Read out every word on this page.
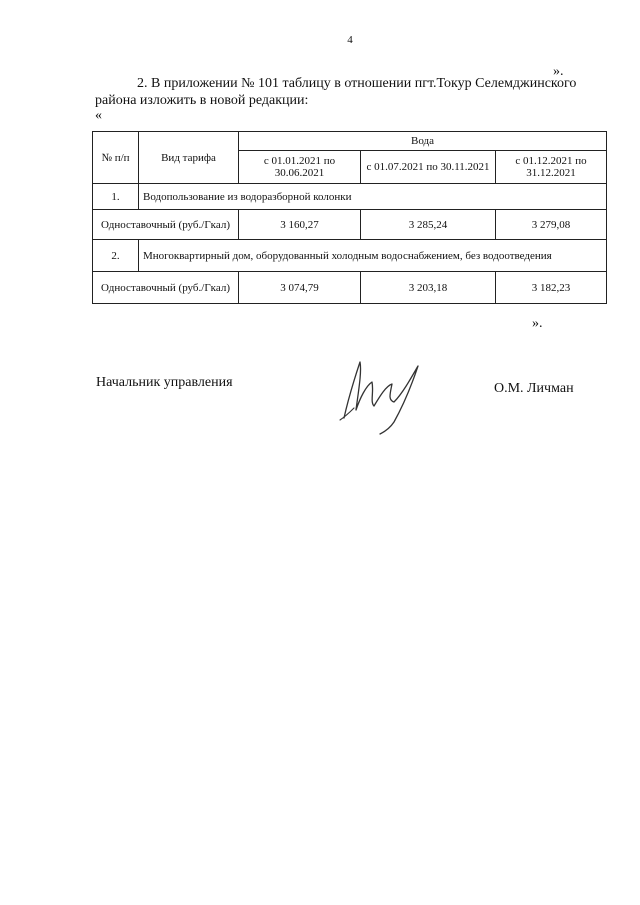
4
».
2. В приложении № 101 таблицу в отношении пгт.Токур Селемджинского
района изложить в новой редакции:
«
№ п/п	Вид тарифа	Вода		
		с 01.01.2021 по 30.06.2021	с 01.07.2021 по 30.11.2021	с 01.12.2021 по 31.12.2021
1.	Водопользование из водоразборной колонки			
Одноставочный (руб./Гкал)		3 160,27	3 285,24	3 279,08
2.	Многоквартирный дом, оборудованный холодным водоснабжением, без водоотведения			
Одноставочный (руб./Гкал)		3 074,79	3 203,18	3 182,23
».
Начальник управления	О.М. Личман
